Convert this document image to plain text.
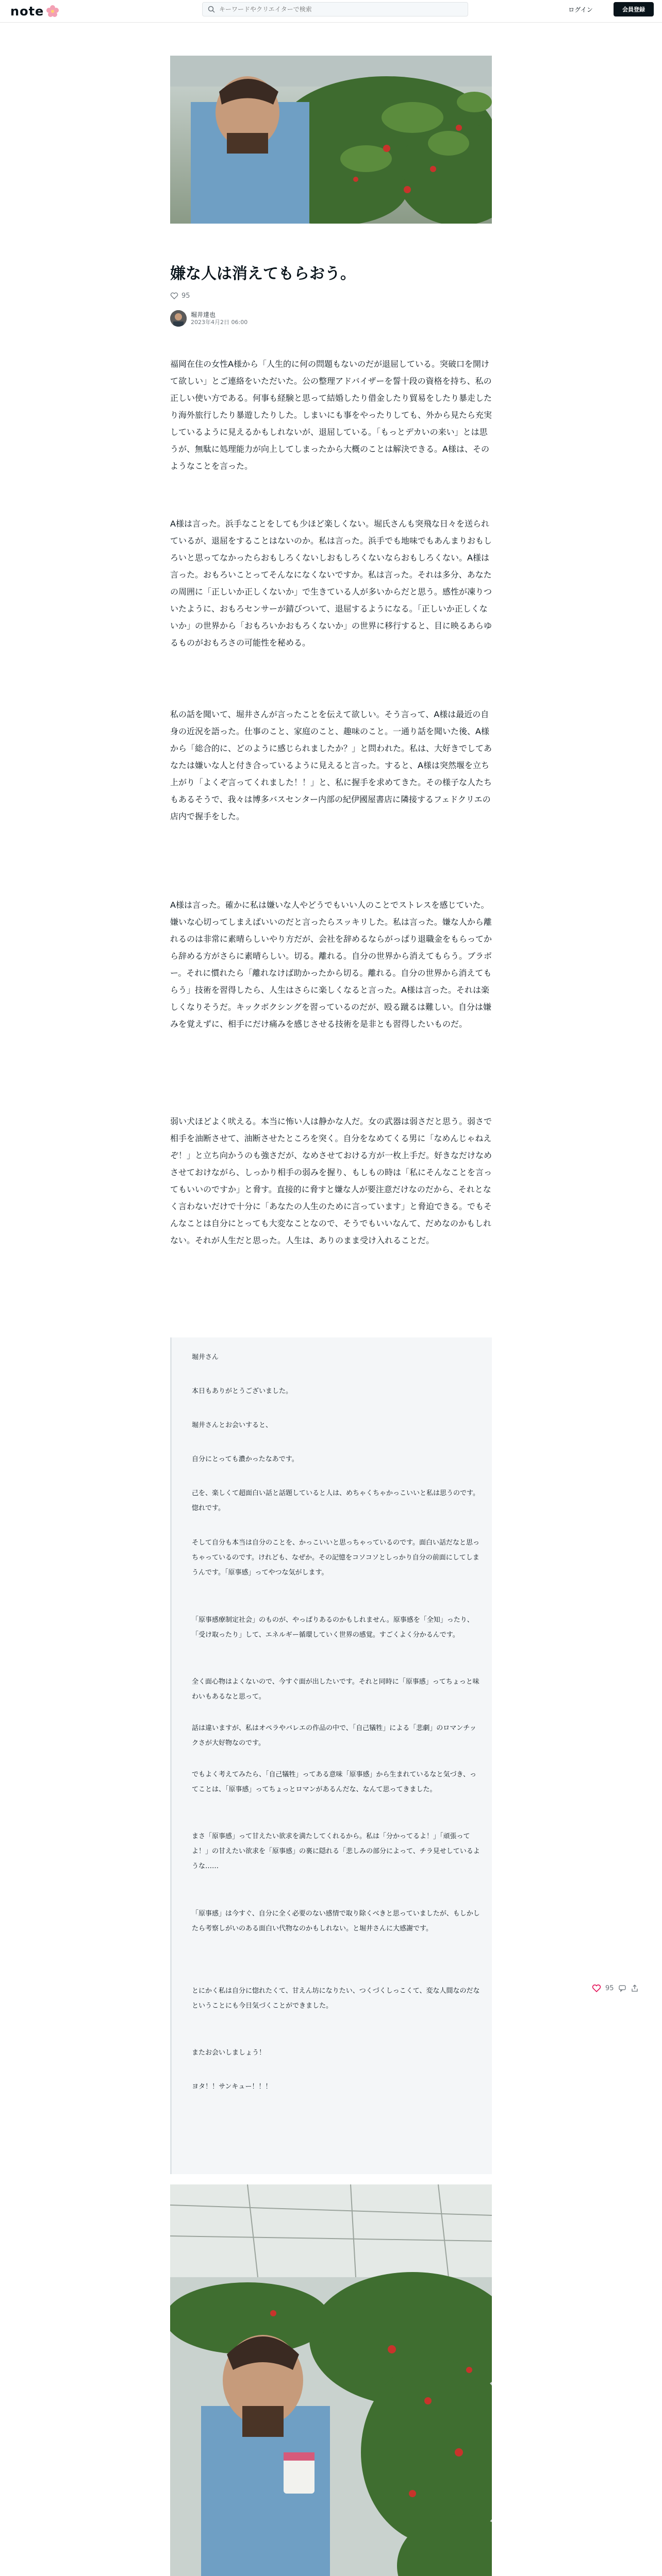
note
キーワードやクリエイターで検索	ログイン	会員登録
嫌な人は消えてもらおう。
95
堀井達也
2023年4月2日 06:00

福岡在住の女性A様から「人生的に何の問題もないのだが退屈している。突破口を開けて欲しい」とご連絡をいただいた。公の整理アドバイザーを誓十段の資格を持ち、私の正しい使い方である。何事も経験と思って結婚したり借金したり貿易をしたり暴走したり海外旅行したり暴遊したりした。しまいにも事をやったりしても、外から見たら充実しているように見えるかもしれないが、退屈している。「もっとデカいの来い」とは思うが、無駄に処理能力が向上してしまったから大概のことは解決できる。A様は、そのようなことを言った。

A様は言った。浜手なことをしても少ほど楽しくない。堀氏さんも突飛な日々を送られているが、退屈をすることはないのか。私は言った。浜手でも地味でもあんまりおもしろいと思ってなかったらおもしろくないしおもしろくないならおもしろくない。A様は言った。おもろいことってそんなになくないですか。私は言った。それは多分、あなたの周囲に「正しいか正しくないか」で生きている人が多いからだと思う。感性が凍りついたように、おもろセンサーが錆びついて、退屈するようになる。「正しいか正しくないか」の世界から「おもろいかおもろくないか」の世界に移行すると、目に映るあらゆるものがおもろさの可能性を秘める。

私の話を聞いて、堀井さんが言ったことを伝えて欲しい。そう言って、A様は最近の自身の近況を語った。仕事のこと、家庭のこと、趣味のこと。一通り話を聞いた後、A様から「総合的に、どのように感じられましたか？」と問われた。私は、大好きでしてあなたは嫌いな人と付き合っているように見えると言った。すると、A様は突然堰を立ち上がり「よくぞ言ってくれました！！」と、私に握手を求めてきた。その様子な人たちもあるそうで、我々は博多バスセンター内部の紀伊國屋書店に隣接するフェドクリエの店内で握手をした。

A様は言った。確かに私は嫌いな人やどうでもいい人のことでストレスを感じていた。嫌いな心切ってしまえばいいのだと言ったらスッキリした。私は言った。嫌な人から離れるのは非常に素晴らしいやり方だが、会社を辞めるならがっぱり退職金をもらってから辞める方がさらに素晴らしい。切る。離れる。自分の世界から消えてもらう。ブラボー。それに慣れたら「離れなけば助かったから切る。離れる。自分の世界から消えてもらう」技術を習得したら、人生はさらに楽しくなると言った。A様は言った。それは楽しくなりそうだ。キックボクシングを習っているのだが、殴る蹴るは難しい。自分は嫌みを覚えずに、相手にだけ痛みを感じさせる技術を是非とも習得したいものだ。

弱い犬ほどよく吠える。本当に怖い人は静かな人だ。女の武器は弱さだと思う。弱さで相手を油断させて、油断させたところを突く。自分をなめてくる男に「なめんじゃねえぞ！」と立ち向かうのも強さだが、なめさせておける方が一枚上手だ。好きなだけなめさせておけながら、しっかり相手の弱みを握り、もしもの時は「私にそんなことを言ってもいいのですか」と脅す。直接的に脅すと嫌な人が要注意だけなのだから、それとなく言わないだけで十分に「あなたの人生のために言っています」と脅迫できる。でもそんなことは自分にとっても大変なことなので、そうでもいいなんて、だめなのかもしれない。それが人生だと思った。人生は、ありのまま受け入れることだ。

堀井さん

本日もありがとうございました。

堀井さんとお会いすると、

自分にとっても濃かったなあです。

己を、楽しくて超面白い話と話題していると人は、めちゃくちゃかっこいいと私は思うのです。惚れです。

そして自分も本当は自分のことを、かっこいいと思っちゃっているのです。面白い話だなと思っちゃっているのです。けれども、なぜか。その記憶をコソコソとしっかり自分の前面にしてしまうんです。「原事感」ってやつな気がします。

「原事感療制定社会」のものが、やっぱりあるのかもしれません。原事感を「全知」ったり、「受け取ったり」して、エネルギー循環していく世界の感覚。すごくよく分かるんです。

全く面心物はよくないので、今すぐ面が出したいです。それと同時に「原事感」ってちょっと味わいもあるなと思って。

話は違いますが、私はオペラやバレエの作品の中で、「自己犠牲」による「悲劇」のロマンチックさが大好物なのです。

でもよく考えてみたら、「自己犠牲」ってある意味「原事感」から生まれているなと気づき、ってことは、「原事感」ってちょっとロマンがあるんだな、なんて思ってきました。

まさ「原事感」って甘えたい欲求を満たしてくれるから。私は「分かってるよ！」「頑張ってよ！」の甘えたい欲求を「原事感」の裏に隠れる「悲しみの部分によって、チラ見せしているような……

「原事感」は今すぐ、自分に全く必要のない感情で取り除くべきと思っていましたが、もしかしたら考察しがいのある面白い代物なのかもしれない。と堀井さんに大感謝です。

とにかく私は自分に惚れたくて、甘えん坊になりたい、つくづくしっこくて、変な人間なのだなということにも今日気づくことができました。

またお会いしましょう！

ヨタ！！サンキュー！！！

95
